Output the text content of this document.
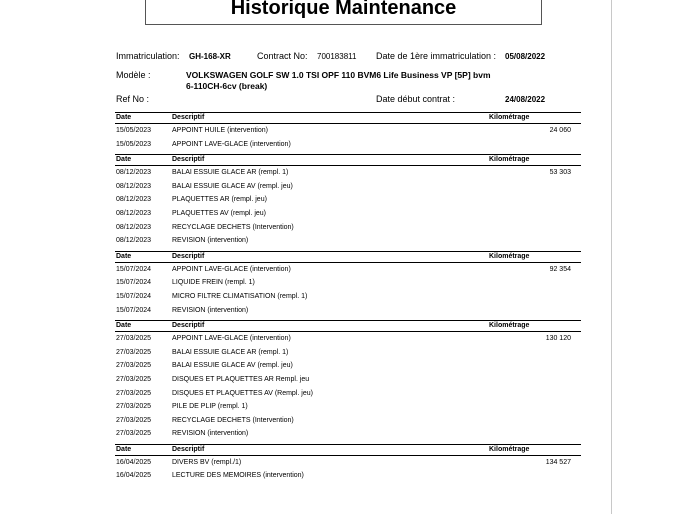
Historique Maintenance
Immatriculation: GH-168-XR	Contract No: 700183811 Date de 1ère immatriculation : 05/08/2022
Modèle :	VOLKSWAGEN GOLF SW 1.0 TSI OPF 110 BVM6 Life Business VP [5P] bvm
6-110CH-6cv (break)
Ref No :	Date début contrat :	24/08/2022
Date	Descriptif	Kilométrage
15/05/2023	APPOINT HUILE (intervention)	24 060
15/05/2023	APPOINT LAVE-GLACE (intervention)
Date	Descriptif	Kilométrage
08/12/2023	BALAI ESSUIE GLACE AR (rempl. 1)	53 303
08/12/2023	BALAI ESSUIE GLACE AV (rempl. jeu)
08/12/2023	PLAQUETTES AR (rempl. jeu)
08/12/2023	PLAQUETTES AV (rempl. jeu)
08/12/2023	RECYCLAGE DECHETS (Intervention)
08/12/2023	REVISION (intervention)
Date	Descriptif	Kilométrage
15/07/2024	APPOINT LAVE-GLACE (intervention)	92 354
15/07/2024	LIQUIDE FREIN (rempl. 1)
15/07/2024	MICRO FILTRE CLIMATISATION (rempl. 1)
15/07/2024	REVISION (intervention)
Date	Descriptif	Kilométrage
27/03/2025	APPOINT LAVE-GLACE (intervention)	130 120
27/03/2025	BALAI ESSUIE GLACE AR (rempl. 1)
27/03/2025	BALAI ESSUIE GLACE AV (rempl. jeu)
27/03/2025	DISQUES ET PLAQUETTES AR Rempl. jeu
27/03/2025	DISQUES ET PLAQUETTES AV (Rempl. jeu)
27/03/2025	PILE DE PLIP (rempl. 1)
27/03/2025	RECYCLAGE DECHETS (Intervention)
27/03/2025	REVISION (intervention)
Date	Descriptif	Kilométrage
16/04/2025	DIVERS BV (rempl./1)	134 527
16/04/2025	LECTURE DES MEMOIRES (intervention)
